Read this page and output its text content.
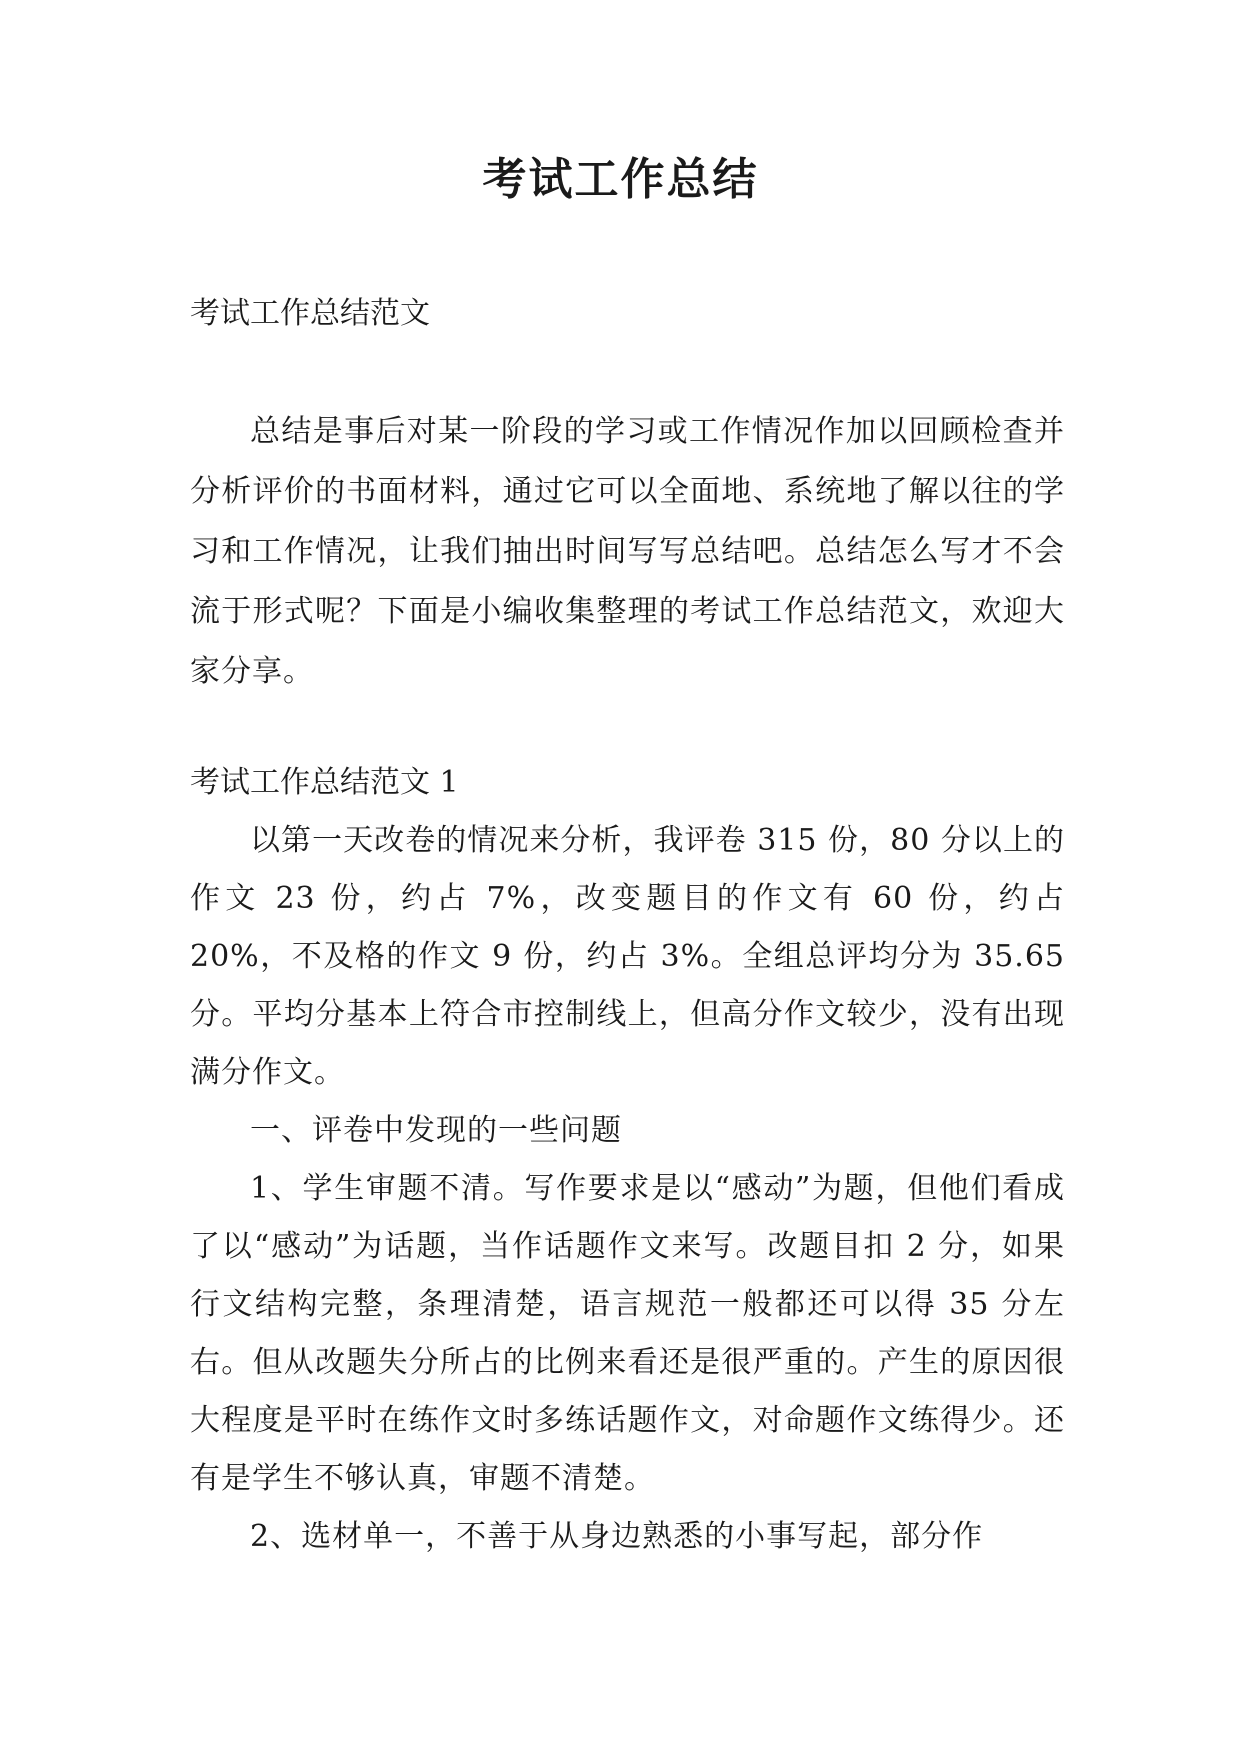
考试工作总结

考试工作总结范文

总结是事后对某一阶段的学习或工作情况作加以回顾检查并分析评价的书面材料，通过它可以全面地、系统地了解以往的学习和工作情况，让我们抽出时间写写总结吧。总结怎么写才不会流于形式呢？下面是小编收集整理的考试工作总结范文，欢迎大家分享。

考试工作总结范文 1

以第一天改卷的情况来分析，我评卷 315 份，80 分以上的作文 23 份，约占 7%，改变题目的作文有 60 份，约占 20%，不及格的作文 9 份，约占 3%。全组总评均分为 35.65 分。平均分基本上符合市控制线上，但高分作文较少，没有出现满分作文。

一、评卷中发现的一些问题

1、学生审题不清。写作要求是以“感动”为题，但他们看成了以“感动”为话题，当作话题作文来写。改题目扣 2 分，如果行文结构完整，条理清楚，语言规范一般都还可以得 35 分左右。但从改题失分所占的比例来看还是很严重的。产生的原因很大程度是平时在练作文时多练话题作文，对命题作文练得少。还有是学生不够认真，审题不清楚。

2、选材单一，不善于从身边熟悉的小事写起，部分作
